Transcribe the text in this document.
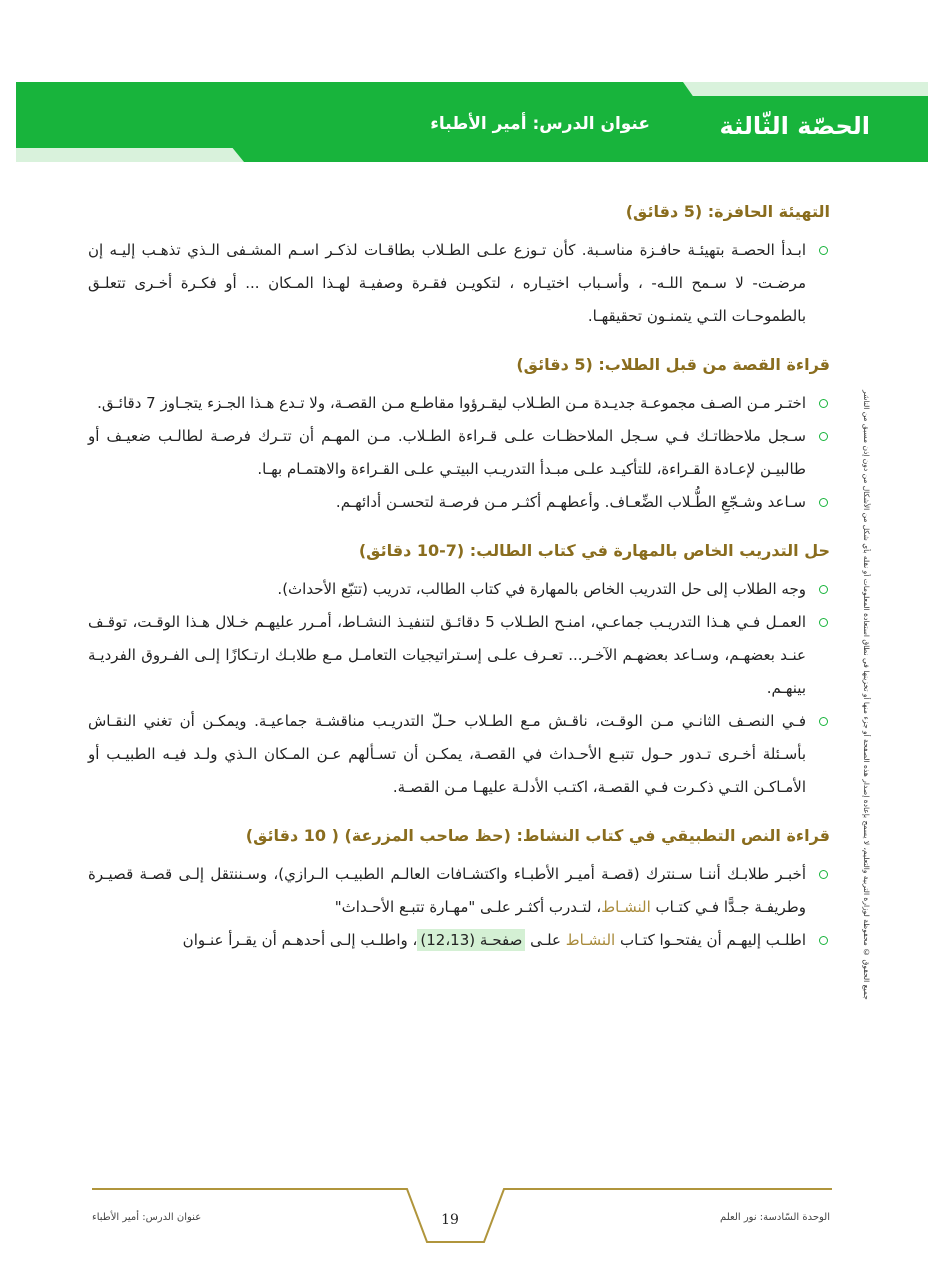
الحصّة الثّالثة
عنوان الدرس: أمير الأطباء
جميع الحقوق © محفوظة لوزارة التربية والتعليم، لا يسمح بإعادة إصدار هذه الصفحة أو جزء منها أو تخزينها في نطاق استعادة المعلومات أو نقله بأي شكل من الأشكال من دون إذن مسبق من الناشر
التهيئة الحافزة: (5 دقائق)
ابـدأ الحصـة بتهيئـة حافـزة مناسـبة. كأن تـوزع علـى الطـلاب بطاقـات لذكـر اسـم المشـفى الـذي تذهـب إليـه إن مرضـت- لا سـمح اللـه- ، وأسـباب اختيـاره ، لتكويـن فقـرة وصفيـة لهـذا المـكان ... أو فكـرة أخـرى تتعلـق بالطموحـات التـي يتمنـون تحقيقهـا.
قراءة القصة من قبل الطلاب: (5 دقائق)
اختـر مـن الصـف مجموعـة جديـدة مـن الطـلاب ليقـرؤوا مقاطـع مـن القصـة، ولا تـدع هـذا الجـزء يتجـاوز 7 دقائـق.
سـجل ملاحظاتـك فـي سـجل الملاحظـات علـى قـراءة الطـلاب. مـن المهـم أن تتـرك فرصـة لطالـب ضعيـف أو طالبيـن لإعـادة القـراءة، للتأكيـد علـى مبـدأ التدريـب البيتـي علـى القـراءة والاهتمـام بهـا.
سـاعد وشـجّعِ الطُّـلاب الضِّعـاف. وأعطهـم أكثـر مـن فرصـة لتحسـن أدائهـم.
حل التدريب الخاص بالمهارة في كتاب الطالب: (7-10 دقائق)
وجه الطلاب إلى حل التدريب الخاص بالمهارة في كتاب الطالب، تدريب (تتبّع الأحداث).
العمـل فـي هـذا التدريـب جماعـي، امنـح الطـلاب 5 دقائـق لتنفيـذ النشـاط، أمـرر عليهـم خـلال هـذا الوقـت، توقـف عنـد بعضهـم، وسـاعد بعضهـم الآخـر... تعـرف علـى إسـتراتيجيات التعامـل مـع طلابـك ارتـكازًا إلـى الفـروق الفرديـة بينهـم.
فـي النصـف الثانـي مـن الوقـت، ناقـش مـع الطـلاب حـلّ التدريـب مناقشـة جماعيـة. ويمكـن أن تغني النقـاش بأسـئلة أخـرى تـدور حـول تتبـع الأحـداث في القصـة، يمكـن أن تسـألهم عـن المـكان الـذي ولـد فيـه الطبيـب أو الأمـاكـن التـي ذكـرت فـي القصـة، اكتـب الأدلـة عليهـا مـن القصـة.
قراءة النص التطبيقي في كتاب النشاط: (حظ صاحب المزرعة) ( 10 دقائق)
أخبـر طلابـك أننـا سـنترك (قصـة أميـر الأطبـاء واكتشـافات العالـم الطبيـب الـرازي)، وسـننتقل إلـى قصـة قصيـرة وطريفـة جـدًّا فـي كتـاب النشـاط، لتـدرب أكثـر علـى "مهـارة تتبـع الأحـداث"
اطلـب إليهـم أن يفتحـوا كتـاب النشـاط علـى صفحـة (12،13)، واطلـب إلـى أحدهـم أن يقـرأ عنـوان
19	الوحدة السّادسة: نور العلم
عنوان الدرس: أمير الأطباء
